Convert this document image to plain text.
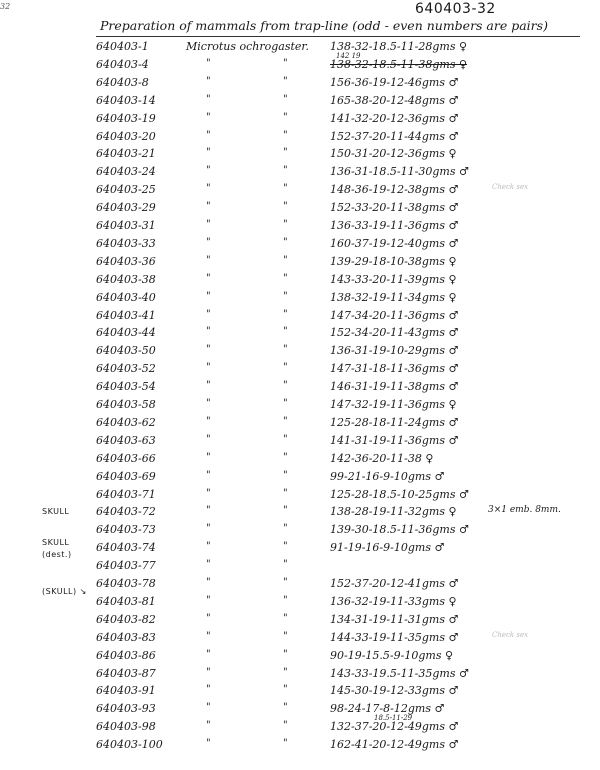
32	640403-32
Preparation of mammals from trap-line (odd - even numbers are pairs)
640403-1	Microtus ochrogaster. 138-32-18.5-11-28gms ♀
640403-4	"	"	138-32-18.5-11-38gms ♀
142 19
640403-8	"	"	156-36-19-12-46gms ♂
640403-14	"	"	165-38-20-12-48gms ♂
640403-19	"	"	141-32-20-12-36gms ♂
640403-20	"	"	152-37-20-11-44gms ♂
640403-21	"	"	150-31-20-12-36gms ♀
640403-24	"	"	136-31-18.5-11-30gms ♂
640403-25	"	"	148-36-19-12-38gms ♂	Check sex
640403-29	"	"	152-33-20-11-38gms ♂
640403-31	"	"	136-33-19-11-36gms ♂
640403-33	"	"	160-37-19-12-40gms ♂
640403-36	"	"	139-29-18-10-38gms ♀
640403-38	"	"	143-33-20-11-39gms ♀
640403-40	"	"	138-32-19-11-34gms ♀
640403-41	"	"	147-34-20-11-36gms ♂
640403-44	"	"	152-34-20-11-43gms ♂
640403-50	"	"	136-31-19-10-29gms ♂
640403-52	"	"	147-31-18-11-36gms ♂
640403-54	"	"	146-31-19-11-38gms ♂
640403-58	"	"	147-32-19-11-36gms ♀
640403-62	"	"	125-28-18-11-24gms ♂
640403-63	"	"	141-31-19-11-36gms ♂
640403-66	"	"	142-36-20-11-38 ♀
640403-69	"	"	99-21-16-9-10gms ♂
640403-71	"	"	125-28-18.5-10-25gms ♂
640403-72	"	"	138-28-19-11-32gms ♀	3×1 emb. 8mm.
640403-73	"	"	139-30-18.5-11-36gms ♂
640403-74	"	"	91-19-16-9-10gms ♂
640403-77	"	"
640403-78	"	"	152-37-20-12-41gms ♂
640403-81	"	"	136-32-19-11-33gms ♀
640403-82	"	"	134-31-19-11-31gms ♂
640403-83	"	"	144-33-19-11-35gms ♂	Check sex
640403-86	"	"	90-19-15.5-9-10gms ♀
640403-87	"	"	143-33-19.5-11-35gms ♂
640403-91	"	"	145-30-19-12-33gms ♂
640403-93	"	"	98-24-17-8-12gms ♂
640403-98	"	"	132-37-20-12-49gms ♂
18.5-11-29
640403-100	"	"	162-41-20-12-49gms ♂
SKULL
SKULL
(dest.)
(SKULL) ↘
